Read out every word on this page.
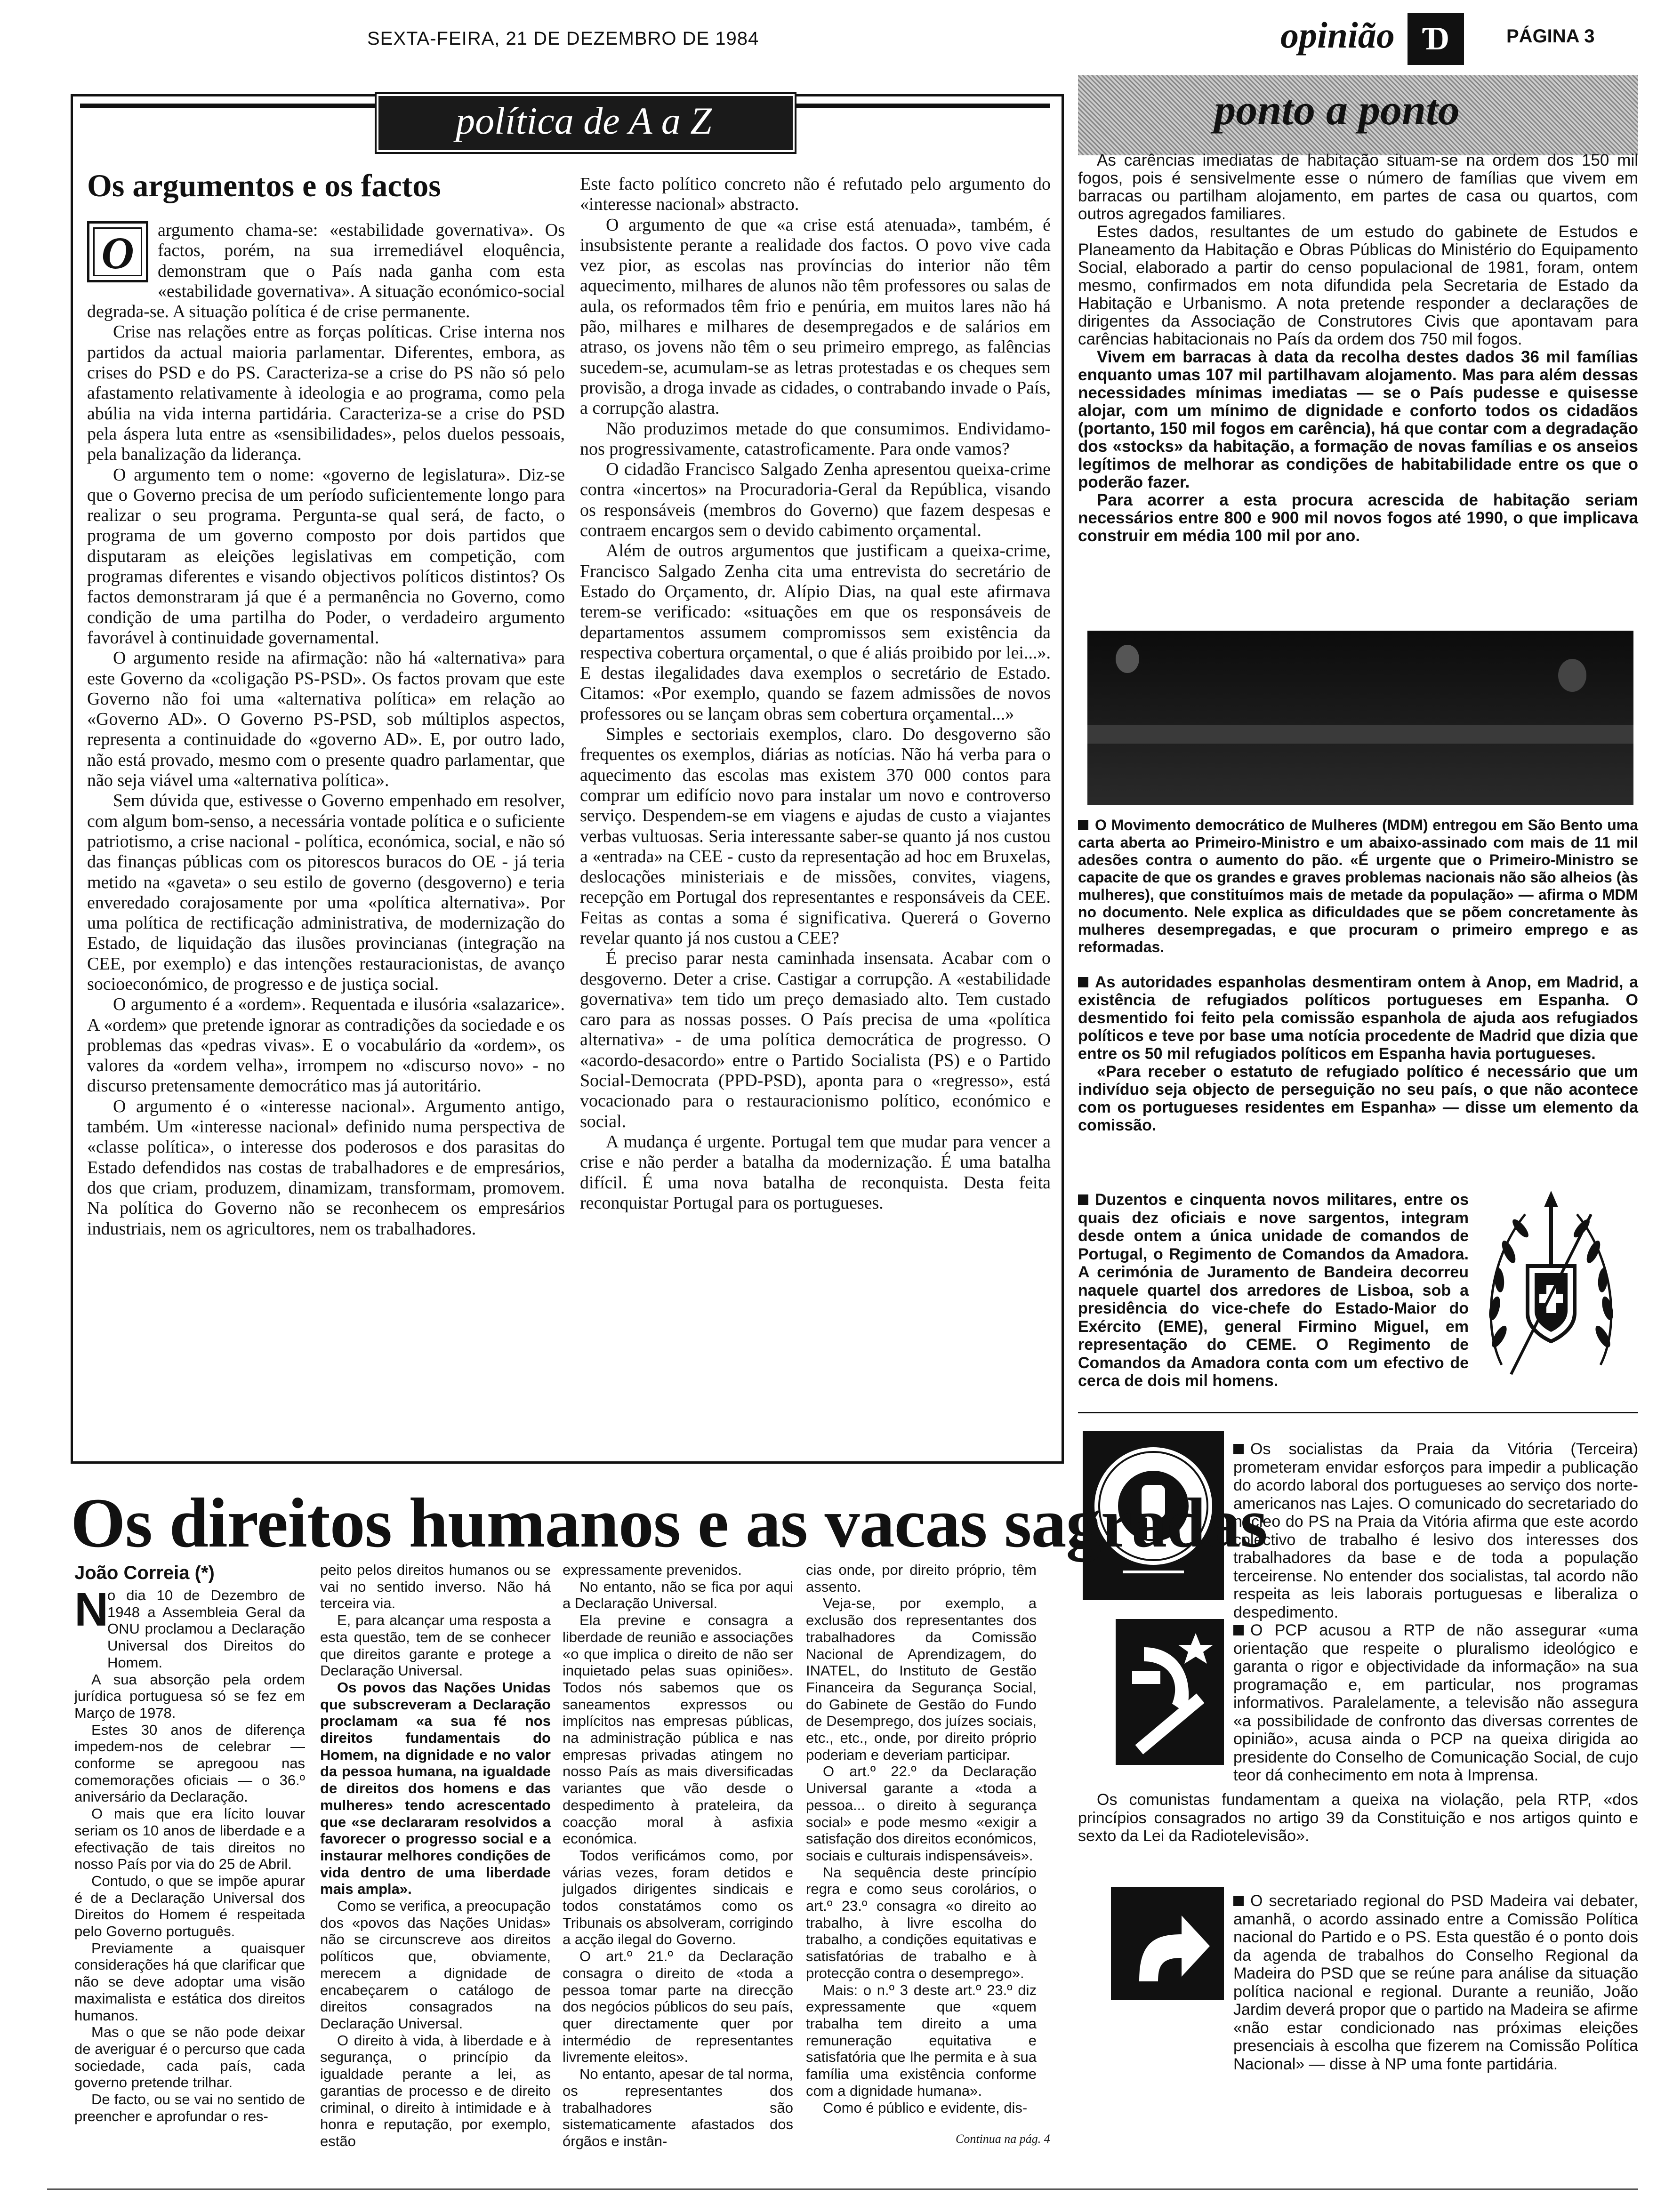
SEXTA-FEIRA, 21 DE DEZEMBRO DE 1984	opinião Ɗ	PÁGINA 3
política de A a Z
Os argumentos e os factos
O	argumento chama-se: «estabilidade governativa». Os factos, porém, na sua irremediável eloquência, demonstram que o País nada ganha com esta «estabilidade governativa». A situação económico-social degrada-se. A situação política é de crise permanente.

Crise nas relações entre as forças políticas. Crise interna nos partidos da actual maioria parlamentar. Diferentes, embora, as crises do PSD e do PS. Caracteriza-se a crise do PS não só pelo afastamento relativamente à ideologia e ao programa, como pela abúlia na vida interna partidária. Caracteriza-se a crise do PSD pela áspera luta entre as «sensibilidades», pelos duelos pessoais, pela banalização da liderança.

O argumento tem o nome: «governo de legislatura». Diz-se que o Governo precisa de um período suficientemente longo para realizar o seu programa. Pergunta-se qual será, de facto, o programa de um governo composto por dois partidos que disputaram as eleições legislativas em competição, com programas diferentes e visando objectivos políticos distintos? Os factos demonstraram já que é a permanência no Governo, como condição de uma partilha do Poder, o verdadeiro argumento favorável à continuidade governamental.

O argumento reside na afirmação: não há «alternativa» para este Governo da «coligação PS-PSD». Os factos provam que este Governo não foi uma «alternativa política» em relação ao «Governo AD». O Governo PS-PSD, sob múltiplos aspectos, representa a continuidade do «governo AD». E, por outro lado, não está provado, mesmo com o presente quadro parlamentar, que não seja viável uma «alternativa política».

Sem dúvida que, estivesse o Governo empenhado em resolver, com algum bom-senso, a necessária vontade política e o suficiente patriotismo, a crise nacional - política, económica, social, e não só das finanças públicas com os pitorescos buracos do OE - já teria metido na «gaveta» o seu estilo de governo (desgoverno) e teria enveredado corajosamente por uma «política alternativa». Por uma política de rectificação administrativa, de modernização do Estado, de liquidação das ilusões provincianas (integração na CEE, por exemplo) e das intenções restauracionistas, de avanço socioeconómico, de progresso e de justiça social.

O argumento é a «ordem». Requentada e ilusória «salazarice». A «ordem» que pretende ignorar as contradições da sociedade e os problemas das «pedras vivas». E o vocabulário da «ordem», os valores da «ordem velha», irrompem no «discurso novo» - no discurso pretensamente democrático mas já autoritário.

O argumento é o «interesse nacional». Argumento antigo, também. Um «interesse nacional» definido numa perspectiva de «classe política», o interesse dos poderosos e dos parasitas do Estado defendidos nas costas de trabalhadores e de empresários, dos que criam, produzem, dinamizam, transformam, promovem. Na política do Governo não se reconhecem os empresários industriais, nem os agricultores, nem os trabalhadores.

Este facto político concreto não é refutado pelo argumento do «interesse nacional» abstracto.

O argumento de que «a crise está atenuada», também, é insubsistente perante a realidade dos factos. O povo vive cada vez pior, as escolas nas províncias do interior não têm aquecimento, milhares de alunos não têm professores ou salas de aula, os reformados têm frio e penúria, em muitos lares não há pão, milhares e milhares de desempregados e de salários em atraso, os jovens não têm o seu primeiro emprego, as falências sucedem-se, acumulam-se as letras protestadas e os cheques sem provisão, a droga invade as cidades, o contrabando invade o País, a corrupção alastra.

Não produzimos metade do que consumimos. Endividamo-nos progressivamente, catastroficamente. Para onde vamos?

O cidadão Francisco Salgado Zenha apresentou queixa-crime contra «incertos» na Procuradoria-Geral da República, visando os responsáveis (membros do Governo) que fazem despesas e contraem encargos sem o devido cabimento orçamental.

Além de outros argumentos que justificam a queixa-crime, Francisco Salgado Zenha cita uma entrevista do secretário de Estado do Orçamento, dr. Alípio Dias, na qual este afirmava terem-se verificado: «situações em que os responsáveis de departamentos assumem compromissos sem existência da respectiva cobertura orçamental, o que é aliás proibido por lei...». E destas ilegalidades dava exemplos o secretário de Estado. Citamos: «Por exemplo, quando se fazem admissões de novos professores ou se lançam obras sem cobertura orçamental...»

Simples e sectoriais exemplos, claro. Do desgoverno são frequentes os exemplos, diárias as notícias. Não há verba para o aquecimento das escolas mas existem 370 000 contos para comprar um edifício novo para instalar um novo e controverso serviço. Despendem-se em viagens e ajudas de custo a viajantes verbas vultuosas. Seria interessante saber-se quanto já nos custou a «entrada» na CEE - custo da representação ad hoc em Bruxelas, deslocações ministeriais e de missões, convites, viagens, recepção em Portugal dos representantes e responsáveis da CEE. Feitas as contas a soma é significativa. Quererá o Governo revelar quanto já nos custou a CEE?

É preciso parar nesta caminhada insensata. Acabar com o desgoverno. Deter a crise. Castigar a corrupção. A «estabilidade governativa» tem tido um preço demasiado alto. Tem custado caro para as nossas posses. O País precisa de uma «política alternativa» - de uma política democrática de progresso. O «acordo-desacordo» entre o Partido Socialista (PS) e o Partido Social-Democrata (PPD-PSD), aponta para o «regresso», está vocacionado para o restauracionismo político, económico e social.

A mudança é urgente. Portugal tem que mudar para vencer a crise e não perder a batalha da modernização. É uma batalha difícil. É uma nova batalha de reconquista. Desta feita reconquistar Portugal para os portugueses.

ponto a ponto

As carências imediatas de habitação situam-se na ordem dos 150 mil fogos, pois é sensivelmente esse o número de famílias que vivem em barracas ou partilham alojamento, em partes de casa ou quartos, com outros agregados familiares.

Estes dados, resultantes de um estudo do gabinete de Estudos e Planeamento da Habitação e Obras Públicas do Ministério do Equipamento Social, elaborado a partir do censo populacional de 1981, foram, ontem mesmo, confirmados em nota difundida pela Secretaria de Estado da Habitação e Urbanismo. A nota pretende responder a declarações de dirigentes da Associação de Construtores Civis que apontavam para carências habitacionais no País da ordem dos 750 mil fogos.

Vivem em barracas à data da recolha destes dados 36 mil famílias enquanto umas 107 mil partilhavam alojamento. Mas para além dessas necessidades mínimas imediatas — se o País pudesse e quisesse alojar, com um mínimo de dignidade e conforto todos os cidadãos (portanto, 150 mil fogos em carência), há que contar com a degradação dos «stocks» da habitação, a formação de novas famílias e os anseios legítimos de melhorar as condições de habitabilidade entre os que o poderão fazer.

Para acorrer a esta procura acrescida de habitação seriam necessários entre 800 e 900 mil novos fogos até 1990, o que implicava construir em média 100 mil por ano.

O Movimento democrático de Mulheres (MDM) entregou em São Bento uma carta aberta ao Primeiro-Ministro e um abaixo-assinado com mais de 11 mil adesões contra o aumento do pão. «É urgente que o Primeiro-Ministro se capacite de que os grandes e graves problemas nacionais não são alheios (às mulheres), que constituímos mais de metade da população» — afirma o MDM no documento. Nele explica as dificuldades que se põem concretamente às mulheres desempregadas, e que procuram o primeiro emprego e as reformadas.

As autoridades espanholas desmentiram ontem à Anop, em Madrid, a existência de refugiados políticos portugueses em Espanha. O desmentido foi feito pela comissão espanhola de ajuda aos refugiados políticos e teve por base uma notícia procedente de Madrid que dizia que entre os 50 mil refugiados políticos em Espanha havia portugueses.

«Para receber o estatuto de refugiado político é necessário que um indivíduo seja objecto de perseguição no seu país, o que não acontece com os portugueses residentes em Espanha» — disse um elemento da comissão.

Duzentos e cinquenta novos militares, entre os quais dez oficiais e nove sargentos, integram desde ontem a única unidade de comandos de Portugal, o Regimento de Comandos da Amadora. A cerimónia de Juramento de Bandeira decorreu naquele quartel dos arredores de Lisboa, sob a presidência do vice-chefe do Estado-Maior do Exército (EME), general Firmino Miguel, em representação do CEME. O Regimento de Comandos da Amadora conta com um efectivo de cerca de dois mil homens.

Os socialistas da Praia da Vitória (Terceira) prometeram envidar esforços para impedir a publicação do acordo laboral dos portugueses ao serviço dos norte-americanos nas Lajes. O comunicado do secretariado do núcleo do PS na Praia da Vitória afirma que este acordo colectivo de trabalho é lesivo dos interesses dos trabalhadores da base e de toda a população terceirense. No entender dos socialistas, tal acordo não respeita as leis laborais portuguesas e liberaliza o despedimento.

O PCP acusou a RTP de não assegurar «uma orientação que respeite o pluralismo ideológico e garanta o rigor e objectividade da informação» na sua programação e, em particular, nos programas informativos. Paralelamente, a televisão não assegura «a possibilidade de confronto das diversas correntes de opinião», acusa ainda o PCP na queixa dirigida ao presidente do Conselho de Comunicação Social, de cujo teor dá conhecimento em nota à Imprensa.

Os comunistas fundamentam a queixa na violação, pela RTP, «dos princípios consagrados no artigo 39 da Constituição e nos artigos quinto e sexto da Lei da Radiotelevisão».

O secretariado regional do PSD Madeira vai debater, amanhã, o acordo assinado entre a Comissão Política nacional do Partido e o PS. Esta questão é o ponto dois da agenda de trabalhos do Conselho Regional da Madeira do PSD que se reúne para análise da situação política nacional e regional. Durante a reunião, João Jardim deverá propor que o partido na Madeira se afirme «não estar condicionado nas próximas eleições presenciais à escolha que fizerem na Comissão Política Nacional» — disse à NP uma fonte partidária.

Os direitos humanos e as vacas sagradas
João Correia (*)
N

o dia 10 de Dezembro de 1948 a Assembleia Geral da ONU proclamou a Declaração Universal dos Direitos do Homem.

A sua absorção pela ordem jurídica portuguesa só se fez em Março de 1978.

Estes 30 anos de diferença impedem-nos de celebrar — conforme se apregoou nas comemorações oficiais — o 36.º aniversário da Declaração.

O mais que era lícito louvar seriam os 10 anos de liberdade e a efectivação de tais direitos no nosso País por via do 25 de Abril.

Contudo, o que se impõe apurar é de a Declaração Universal dos Direitos do Homem é respeitada pelo Governo português.

Previamente a quaisquer considerações há que clarificar que não se deve adoptar uma visão maximalista e estática dos direitos humanos.

Mas o que se não pode deixar de averiguar é o percurso que cada sociedade, cada país, cada governo pretende trilhar.

De facto, ou se vai no sentido de preencher e aprofundar o res-

peito pelos direitos humanos ou se vai no sentido inverso. Não há terceira via.

E, para alcançar uma resposta a esta questão, tem de se conhecer que direitos garante e protege a Declaração Universal.

Os povos das Nações Unidas que subscreveram a Declaração proclamam «a sua fé nos direitos fundamentais do Homem, na dignidade e no valor da pessoa humana, na igualdade de direitos dos homens e das mulheres» tendo acrescentado que «se declararam resolvidos a favorecer o progresso social e a instaurar melhores condições de vida dentro de uma liberdade mais ampla».

Como se verifica, a preocupação dos «povos das Nações Unidas» não se circunscreve aos direitos políticos que, obviamente, merecem a dignidade de encabeçarem o catálogo de direitos consagrados na Declaração Universal.

O direito à vida, à liberdade e à segurança, o princípio da igualdade perante a lei, as garantias de processo e de direito criminal, o direito à intimidade e à honra e reputação, por exemplo, estão

expressamente prevenidos.

No entanto, não se fica por aqui a Declaração Universal.

Ela previne e consagra a liberdade de reunião e associações «o que implica o direito de não ser inquietado pelas suas opiniões». Todos nós sabemos que os saneamentos expressos ou implícitos nas empresas públicas, na administração pública e nas empresas privadas atingem no nosso País as mais diversificadas variantes que vão desde o despedimento à prateleira, da coacção moral à asfixia económica.

Todos verificámos como, por várias vezes, foram detidos e julgados dirigentes sindicais e todos constatámos como os Tribunais os absolveram, corrigindo a acção ilegal do Governo.

O art.º 21.º da Declaração consagra o direito de «toda a pessoa tomar parte na direcção dos negócios públicos do seu país, quer directamente quer por intermédio de representantes livremente eleitos».

No entanto, apesar de tal norma, os representantes dos trabalhadores são sistematicamente afastados dos órgãos e instân-

cias onde, por direito próprio, têm assento.

Veja-se, por exemplo, a exclusão dos representantes dos trabalhadores da Comissão Nacional de Aprendizagem, do INATEL, do Instituto de Gestão Financeira da Segurança Social, do Gabinete de Gestão do Fundo de Desemprego, dos juízes sociais, etc., etc., onde, por direito próprio poderiam e deveriam participar.

O art.º 22.º da Declaração Universal garante a «toda a pessoa... o direito à segurança social» e pode mesmo «exigir a satisfação dos direitos económicos, sociais e culturais indispensáveis».

Na sequência deste princípio regra e como seus corolários, o art.º 23.º consagra «o direito ao trabalho, à livre escolha do trabalho, a condições equitativas e satisfatórias de trabalho e à protecção contra o desemprego».

Mais: o n.º 3 deste art.º 23.º diz expressamente que «quem trabalha tem direito a uma remuneração equitativa e satisfatória que lhe permita e à sua família uma existência conforme com a dignidade humana».

Como é público e evidente, dis-

Continua na pág. 4
